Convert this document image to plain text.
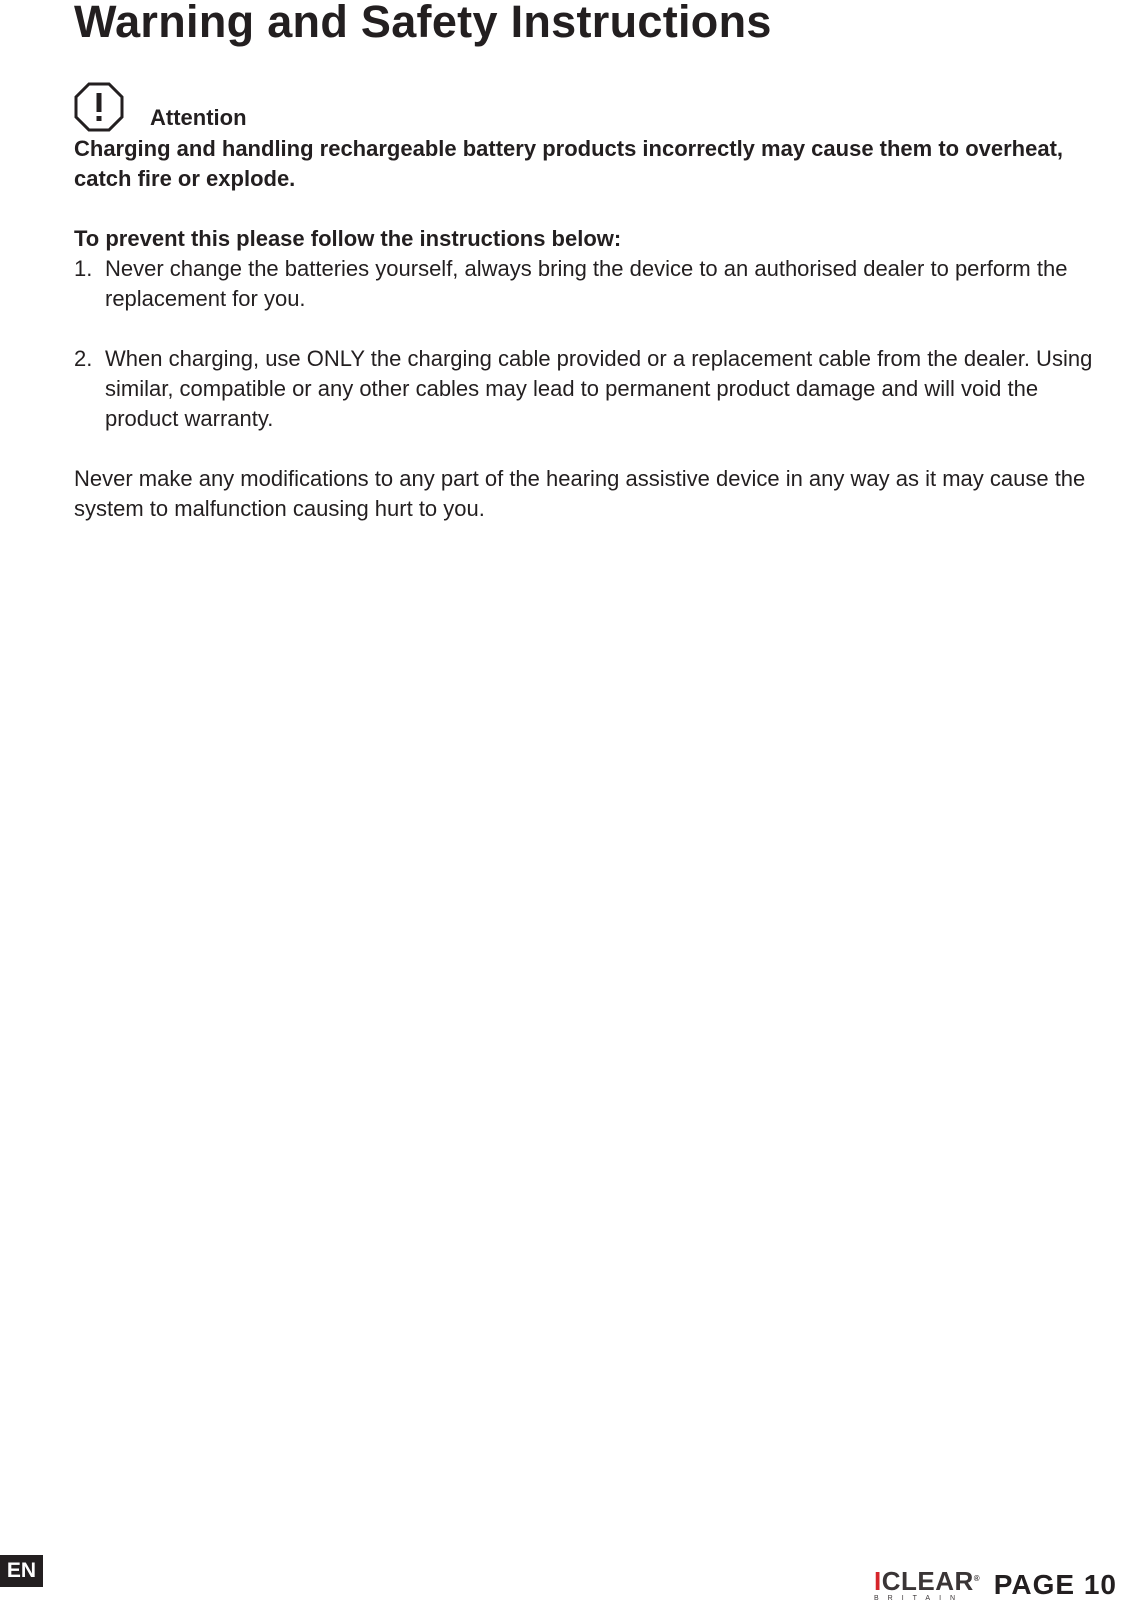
Warning and Safety Instructions
Attention

Charging and handling rechargeable battery products incorrectly may cause them to overheat, catch fire or explode.

To prevent this please follow the instructions below:

1. Never change the batteries yourself, always bring the device to an authorised dealer to perform the replacement for you.
2. When charging, use ONLY the charging cable provided or a replacement cable from the dealer. Using similar, compatible or any other cables may lead to permanent product damage and will void the product warranty.

Never make any modifications to any part of the hearing assistive device in any way as it may cause the system to malfunction causing hurt to you.

EN	ICLEAR®
BRITAIN	PAGE 10
